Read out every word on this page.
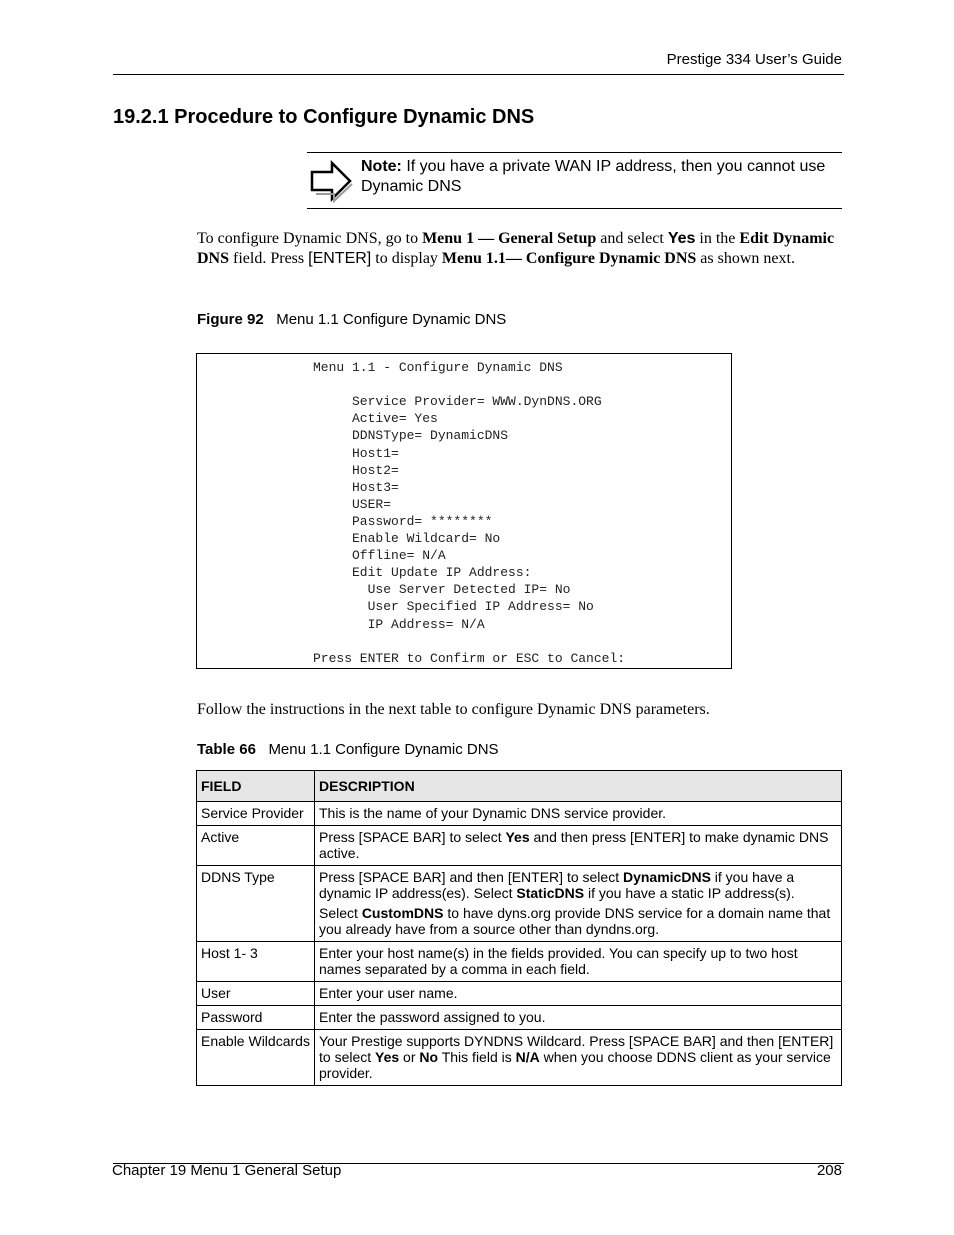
Prestige 334 User’s Guide
19.2.1 Procedure to Configure Dynamic DNS
Note: If you have a private WAN IP address, then you cannot use Dynamic DNS
To configure Dynamic DNS, go to Menu 1 — General Setup and select Yes in the Edit Dynamic DNS field. Press [ENTER] to display Menu 1.1— Configure Dynamic DNS as shown next.
Figure 92 Menu 1.1 Configure Dynamic DNS
Menu 1.1 - Configure Dynamic DNS
Service Provider= WWW.DynDNS.ORG
Active= Yes
DDNSType= DynamicDNS
Host1=
Host2=
Host3=
USER=
Password= ********
Enable Wildcard= No
Offline= N/A
Edit Update IP Address:
Use Server Detected IP= No
User Specified IP Address= No
IP Address= N/A
Press ENTER to Confirm or ESC to Cancel:
Follow the instructions in the next table to configure Dynamic DNS parameters.
Table 66 Menu 1.1 Configure Dynamic DNS
FIELD	DESCRIPTION
Service Provider	This is the name of your Dynamic DNS service provider.
Active	Press [SPACE BAR] to select Yes and then press [ENTER] to make dynamic DNS active.
DDNS Type	Press [SPACE BAR] and then [ENTER] to select DynamicDNS if you have a dynamic IP address(es). Select StaticDNS if you have a static IP address(s).

Select CustomDNS to have dyns.org provide DNS service for a domain name that you already have from a source other than dyndns.org.

Host 1- 3	Enter your host name(s) in the fields provided. You can specify up to two host names separated by a comma in each field.
User	Enter your user name.
Password	Enter the password assigned to you.
Enable Wildcards	Your Prestige supports DYNDNS Wildcard. Press [SPACE BAR] and then [ENTER] to select Yes or No This field is N/A when you choose DDNS client as your service provider.
Chapter 19 Menu 1 General Setup	208
